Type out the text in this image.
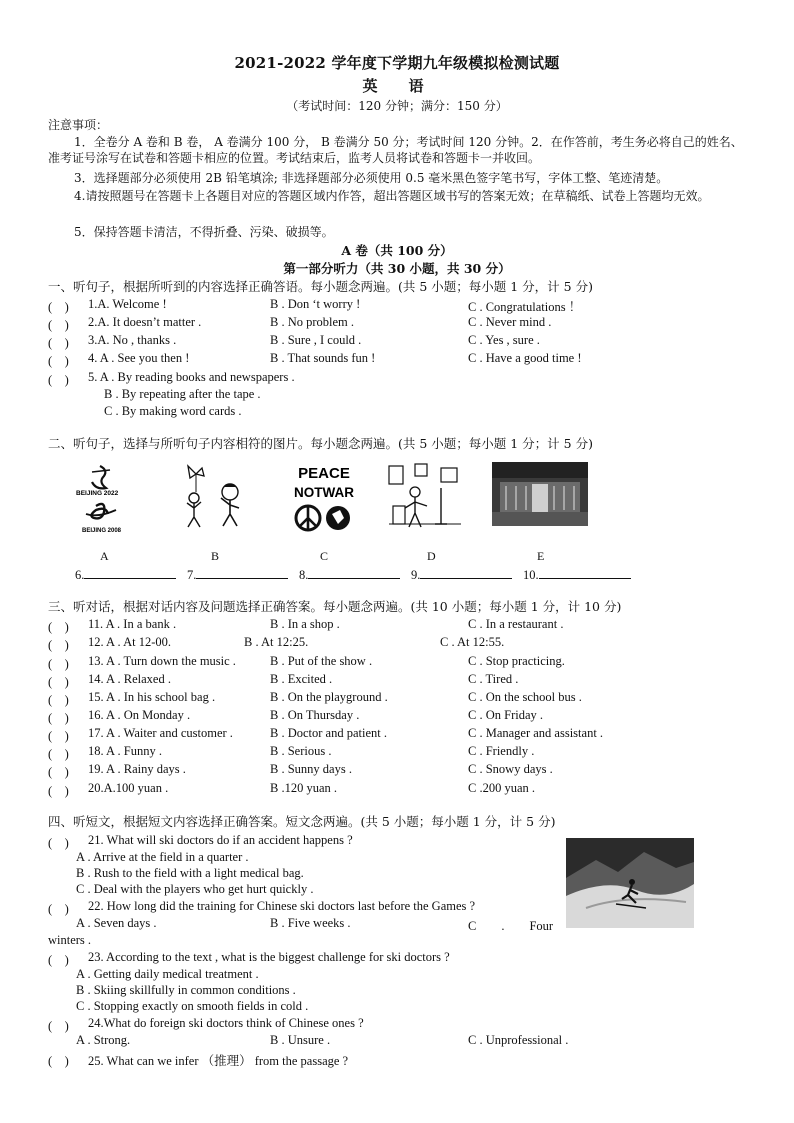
2021-2022 学年度下学期九年级模拟检测试题
英　语
（考试时间：120 分钟；满分：150 分）
注意事项：
1．全卷分 A 卷和 B 卷， A 卷满分 100 分， B 卷满分 50 分；考试时间 120 分钟。2．在作答前，考生务必将自己的姓名、准考证号涂写在试卷和答题卡相应的位置。考试结束后，监考人员将试卷和答题卡一并收回。
3．选择题部分必须使用 2B 铅笔填涂; 非选择题部分必须使用 0.5 毫米黑色签字笔书写，字体工整、笔迹清楚。
4.请按照题号在答题卡上各题目对应的答题区域内作答，超出答题区域书写的答案无效；在草稿纸、试卷上答题均无效。
5．保持答题卡清洁，不得折叠、污染、破损等。
A 卷（共 100 分）
第一部分听力（共 30 小题，共 30 分）
一、听句子，根据所听到的内容选择正确答语。每小题念两遍。(共 5 小题；每小题 1 分，计 5 分)
(　) 1.A. Welcome !	B . Don ‘t worry !	C . Congratulations ！
(　) 2.A. It doesn’t matter .	B . No problem .	C . Never mind .
(　) 3.A. No , thanks .	B . Sure , I could .	C . Yes , sure .
(　) 4. A . See you then !	B . That sounds fun !	C . Have a good time !
(　) 5. A . By reading books and newspapers .
B . By repeating after the tape .
C . By making word cards .
二、听句子，选择与所听句子内容相符的图片。每小题念两遍。(共 5 小题；每小题 1 分；计 5 分)
BEIJING 2022
BEIJING 2008
PEACE
NOTWAR
A	B	C	D	E
6.	7.	8.	9.	10.
三、听对话，根据对话内容及问题选择正确答案。每小题念两遍。(共 10 小题；每小题 1 分，计 10 分)
(　) 11. A . In a bank .	B . In a shop .	C . In a restaurant .
(　) 12. A . At 12-00.	B . At 12:25.	C . At 12:55.
(　) 13. A . Turn down the music .	B . Put of the show .	C . Stop practicing.
(　) 14. A . Relaxed .	B . Excited .	C . Tired .
(　) 15. A . In his school bag .	B . On the playground .	C . On the school bus .
(　) 16. A . On Monday .	B . On Thursday .	C . On Friday .
(　) 17. A . Waiter and customer .	B . Doctor and patient .	C . Manager and assistant .
(　) 18. A . Funny .	B . Serious .	C . Friendly .
(　) 19. A . Rainy days .	B . Sunny days .	C . Snowy days .
(　) 20.A.100 yuan .	B .120 yuan .	C .200 yuan .
四、听短文，根据短文内容选择正确答案。短文念两遍。(共 5 小题；每小题 1 分，计 5 分)
(　) 21. What will ski doctors do if an accident happens ?
A . Arrive at the field in a quarter .
B . Rush to the field with a light medical bag.
C . Deal with the players who get hurt quickly .
(　) 22. How long did the training for Chinese ski doctors last before the Games ?
A . Seven days .	B . Five weeks .	C　　.　　Four
winters .
(　) 23. According to the text , what is the biggest challenge for ski doctors ?
A . Getting daily medical treatment .
B . Skiing skillfully in common conditions .
C . Stopping exactly on smooth fields in cold .
(　) 24.What do foreign ski doctors think of Chinese ones ?
A . Strong.	B . Unsure .	C . Unprofessional .
(　) 25. What can we infer （推理） from the passage ?
